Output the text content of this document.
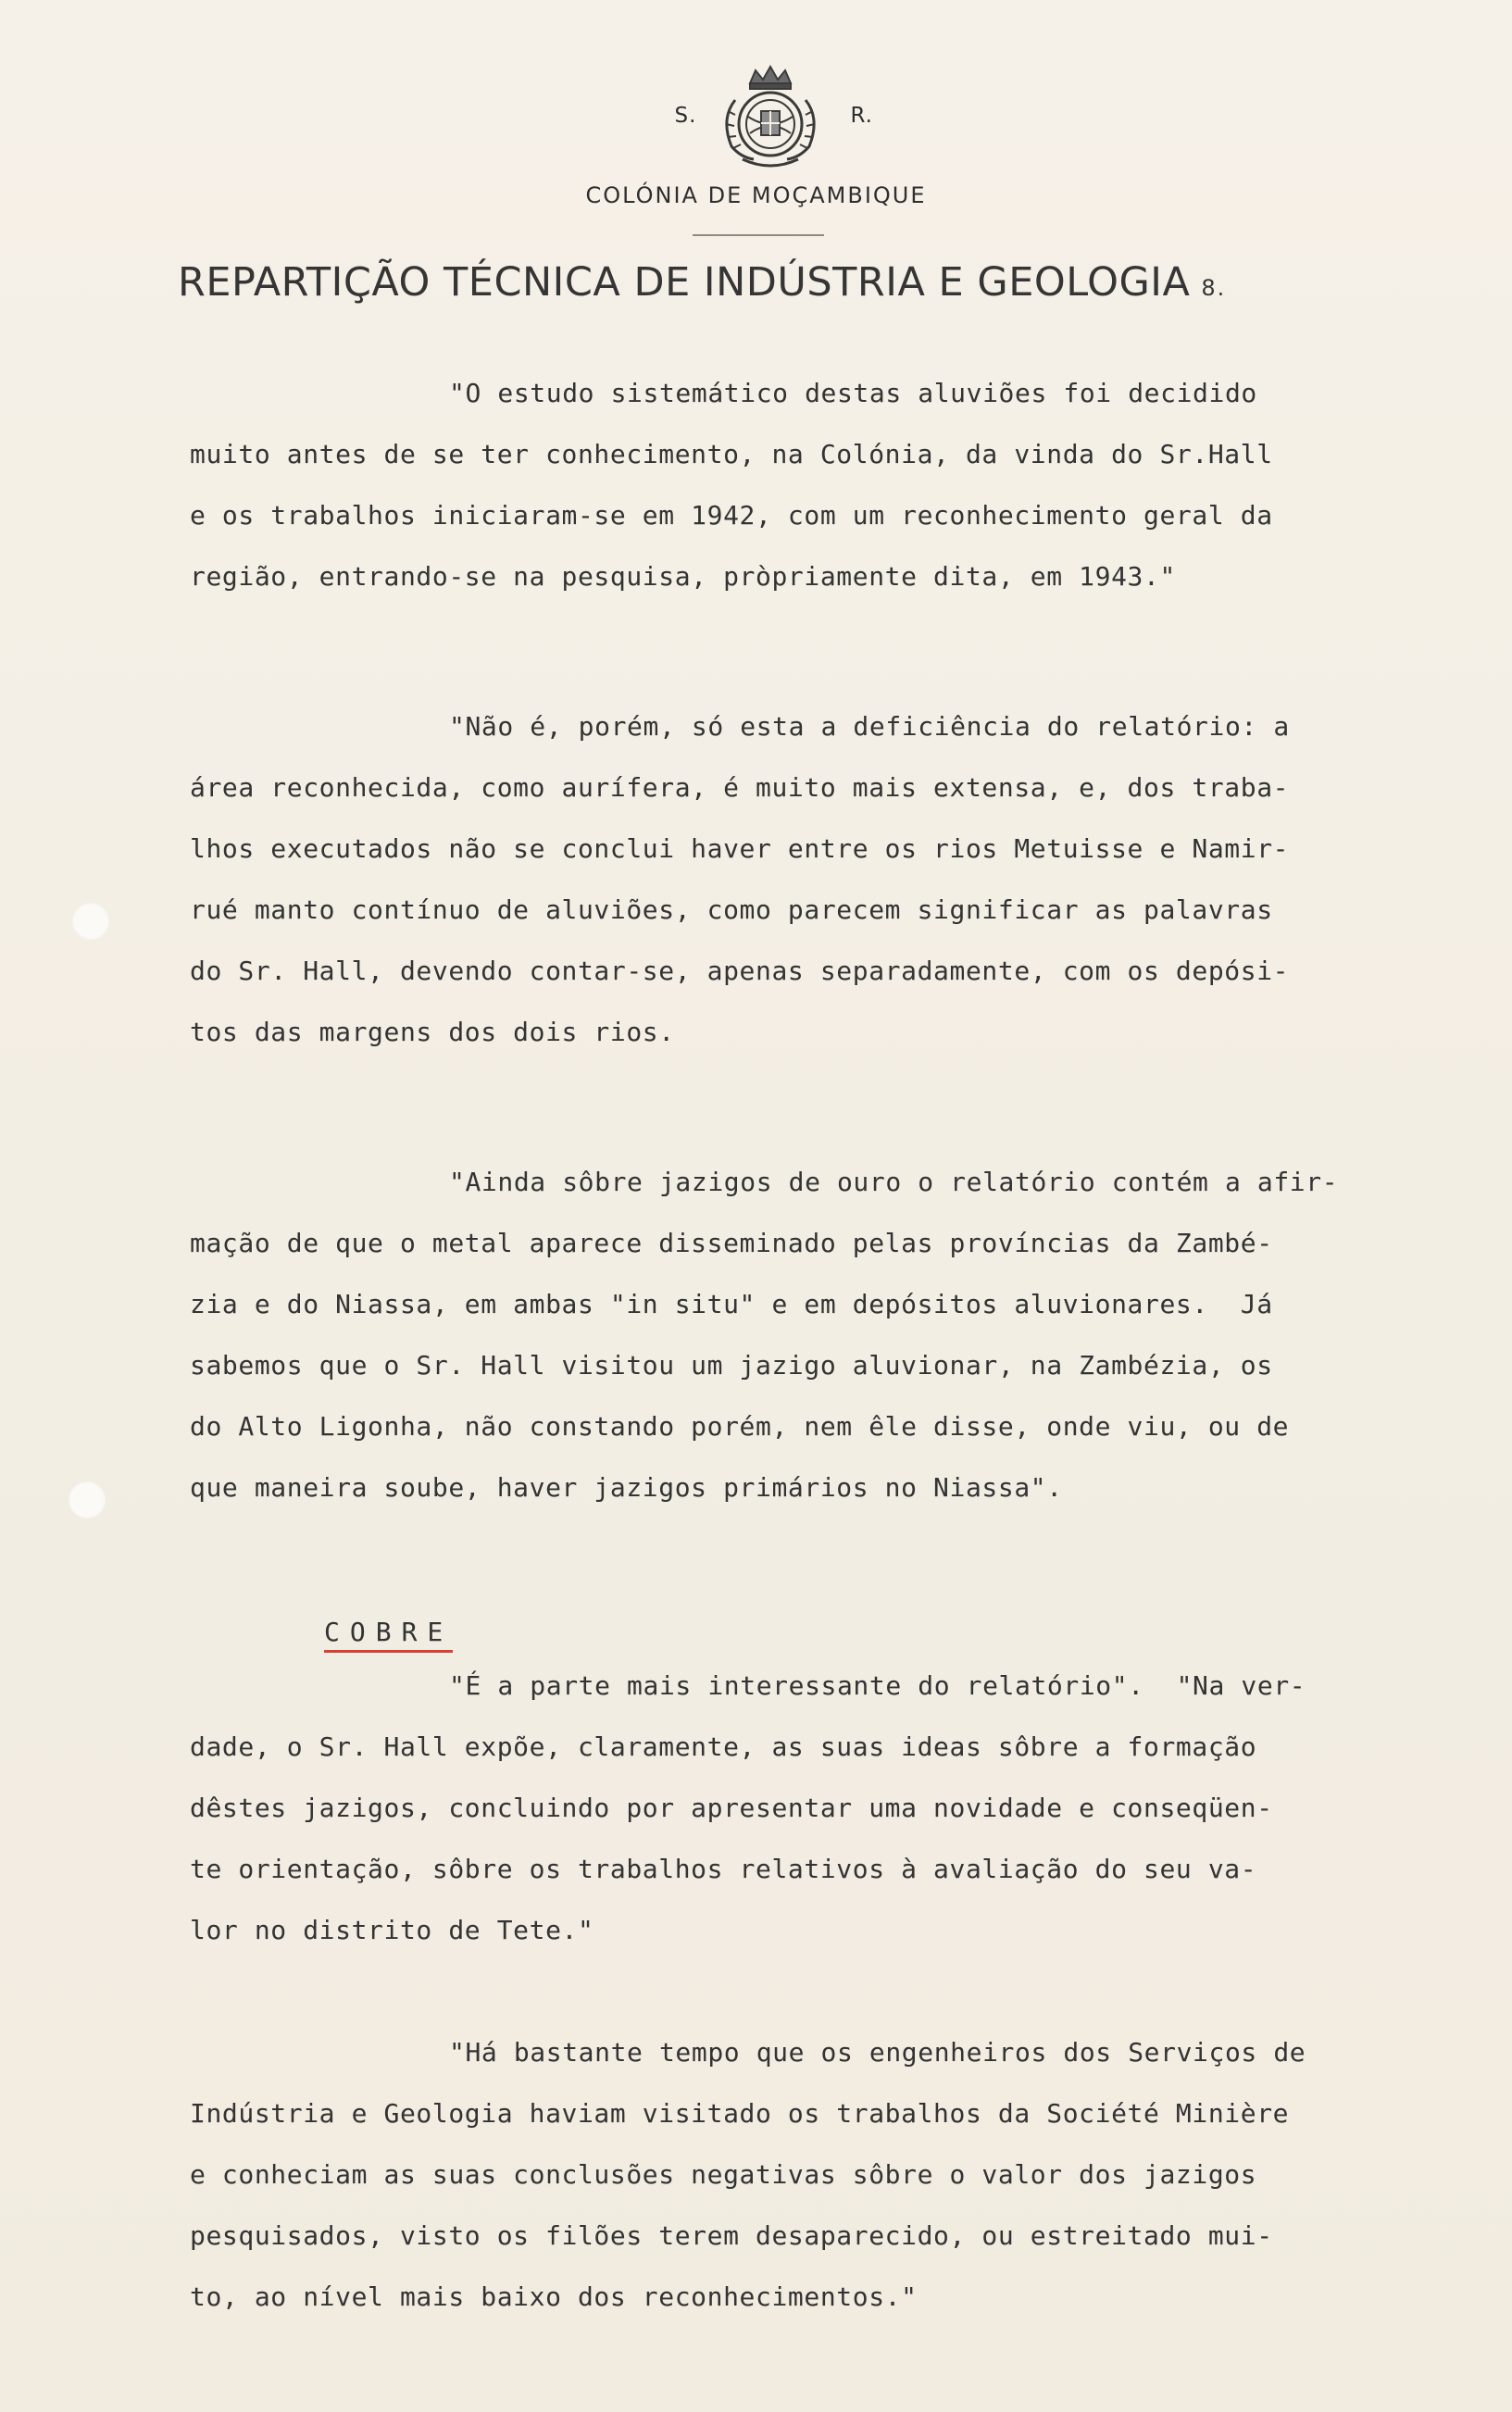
S.	R.
COLÓNIA DE MOÇAMBIQUE
REPARTIÇÃO TÉCNICA DE INDÚSTRIA E GEOLOGIA 8.
"O estudo sistemático destas aluviões foi decidido
muito antes de se ter conhecimento, na Colónia, da vinda do Sr.Hall
e os trabalhos iniciaram-se em 1942, com um reconhecimento geral da
região, entrando-se na pesquisa, pròpriamente dita, em 1943."
"Não é, porém, só esta a deficiência do relatório: a
área reconhecida, como aurífera, é muito mais extensa, e, dos traba-
lhos executados não se conclui haver entre os rios Metuisse e Namir-
rué manto contínuo de aluviões, como parecem significar as palavras
do Sr. Hall, devendo contar-se, apenas separadamente, com os depósi-
tos das margens dos dois rios.
"Ainda sôbre jazigos de ouro o relatório contém a afir-
mação de que o metal aparece disseminado pelas províncias da Zambé-
zia e do Niassa, em ambas "in situ" e em depósitos aluvionares.  Já
sabemos que o Sr. Hall visitou um jazigo aluvionar, na Zambézia, os
do Alto Ligonha, não constando porém, nem êle disse, onde viu, ou de
que maneira soube, haver jazigos primários no Niassa".
COBRE
"É a parte mais interessante do relatório".  "Na ver-
dade, o Sr. Hall expõe, claramente, as suas ideas sôbre a formação
dêstes jazigos, concluindo por apresentar uma novidade e conseqüen-
te orientação, sôbre os trabalhos relativos à avaliação do seu va-
lor no distrito de Tete."
"Há bastante tempo que os engenheiros dos Serviços de
Indústria e Geologia haviam visitado os trabalhos da Société Minière
e conheciam as suas conclusões negativas sôbre o valor dos jazigos
pesquisados, visto os filões terem desaparecido, ou estreitado mui-
to, ao nível mais baixo dos reconhecimentos."
